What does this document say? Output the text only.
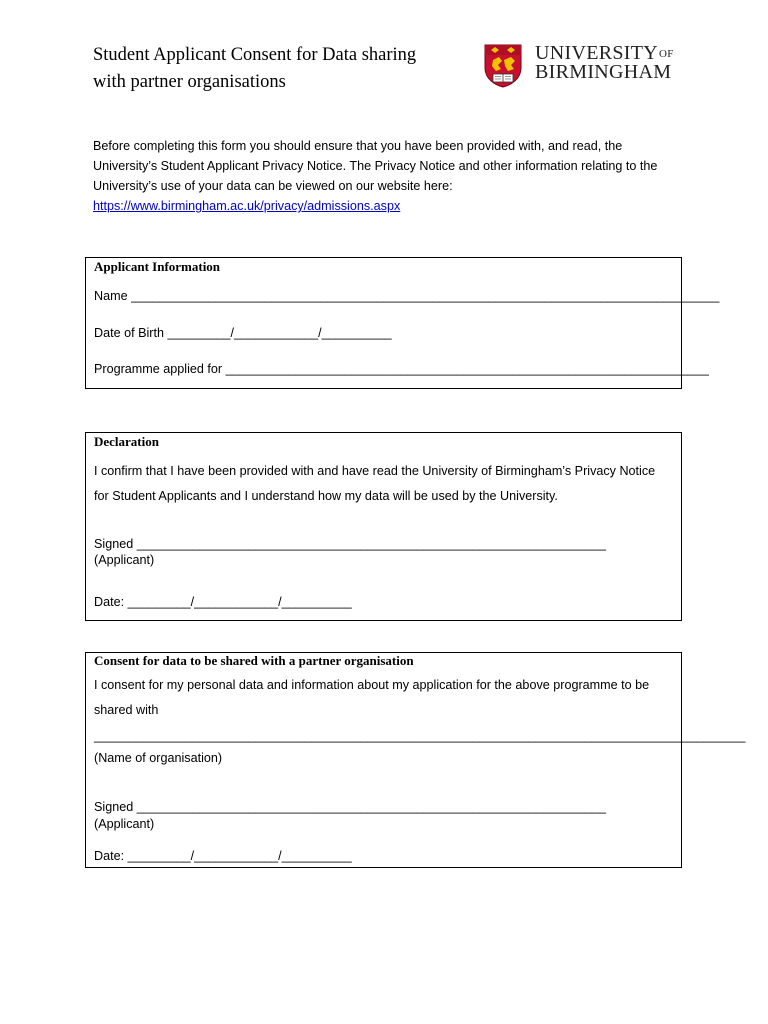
Student Applicant Consent for Data sharing with partner organisations
$UNIVERSITY^{OF}$
BIRMINGHAM
Before completing this form you should ensure that you have been provided with, and read, the University’s Student Applicant Privacy Notice. The Privacy Notice and other information relating to the University’s use of your data can be viewed on our website here:
https://www.birmingham.ac.uk/privacy/admissions.aspx
Applicant Information
Name ____________________________________________________________________________________
Date of Birth _________/____________/__________
Programme applied for _____________________________________________________________________
Declaration
I confirm that I have been provided with and have read the University of Birmingham’s Privacy Notice for Student Applicants and I understand how my data will be used by the University.
Signed ___________________________________________________________________
(Applicant)
Date: _________/____________/__________
Consent for data to be shared with a partner organisation
I consent for my personal data and information about my application for the above programme to be shared with
_____________________________________________________________________________________________
(Name of organisation)
Signed ___________________________________________________________________
(Applicant)
Date: _________/____________/__________
